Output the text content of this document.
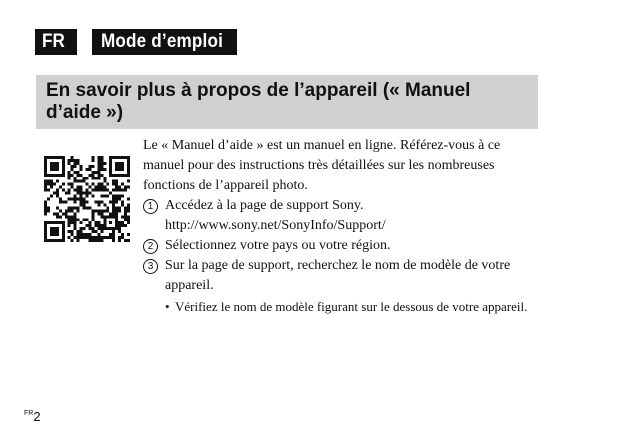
FR	Mode d’emploi
En savoir plus à propos de l’appareil (« Manuel d’aide »)

Le « Manuel d’aide » est un manuel en ligne. Référez-vous à ce manuel pour des instructions très détaillées sur les nombreuses fonctions de l’appareil photo.

1 Accédez à la page de support Sony.
http://www.sony.net/SonyInfo/Support/
2 Sélectionnez votre pays ou votre région.
3 Sur la page de support, recherchez le nom de modèle de votre appareil.
• Vérifiez le nom de modèle figurant sur le dessous de votre appareil.
$^{FR}$2
